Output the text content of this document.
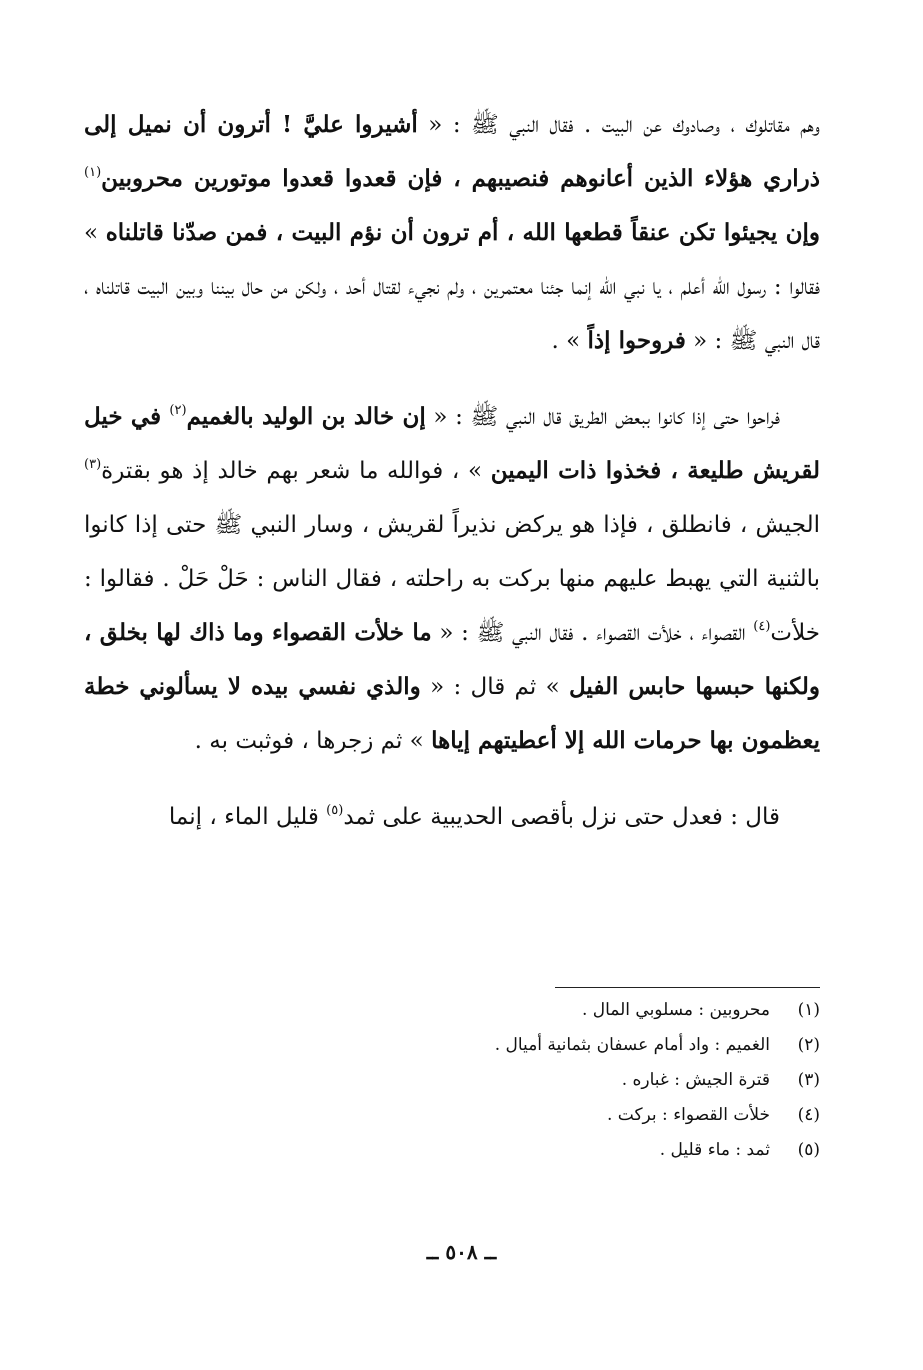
وهم مقاتلوك ، وصادوك عن البيت . فقال النبي ﷺ : « أشيروا عليَّ ! أترون أن نميل إلى ذراري هؤلاء الذين أعانوهم فنصيبهم ، فإن قعدوا قعدوا موتورين محروبين$^{(١)}$ وإن يجيئوا تكن عنقاً قطعها الله ، أم ترون أن نؤم البيت ، فمن صدّنا قاتلناه » فقالوا : رسول الله أعلم ، يا نبي الله إنما جئنا معتمرين ، ولم نجيء لقتال أحد ، ولكن من حال بيننا وبين البيت قاتلناه ، قال النبي ﷺ : « فروحوا إذاً » .

فراحوا حتى إذا كانوا ببعض الطريق قال النبي ﷺ : « إن خالد بن الوليد بالغميم$^{(٢)}$ في خيل لقريش طليعة ، فخذوا ذات اليمين » ، فوالله ما شعر بهم خالد إذ هو بقترة$^{(٣)}$ الجيش ، فانطلق ، فإذا هو يركض نذيراً لقريش ، وسار النبي ﷺ حتى إذا كانوا بالثنية التي يهبط عليهم منها بركت به راحلته ، فقال الناس : حَلْ حَلْ . فقالوا : خلأت$^{(٤)}$ القصواء ، خلأت القصواء . فقال النبي ﷺ : « ما خلأت القصواء وما ذاك لها بخلق ، ولكنها حبسها حابس الفيل » ثم قال : « والذي نفسي بيده لا يسألوني خطة يعظمون بها حرمات الله إلا أعطيتهم إياها » ثم زجرها ، فوثبت به .

قال : فعدل حتى نزل بأقصى الحديبية على ثمد$^{(٥)}$ قليل الماء ، إنما

(١)
محروبين : مسلوبي المال .
(٢)
الغميم : واد أمام عسفان بثمانية أميال .
(٣)
قترة الجيش : غباره .
(٤)
خلأت القصواء : بركت .
(٥)
ثمد : ماء قليل .
ــ ٥٠٨ ــ
